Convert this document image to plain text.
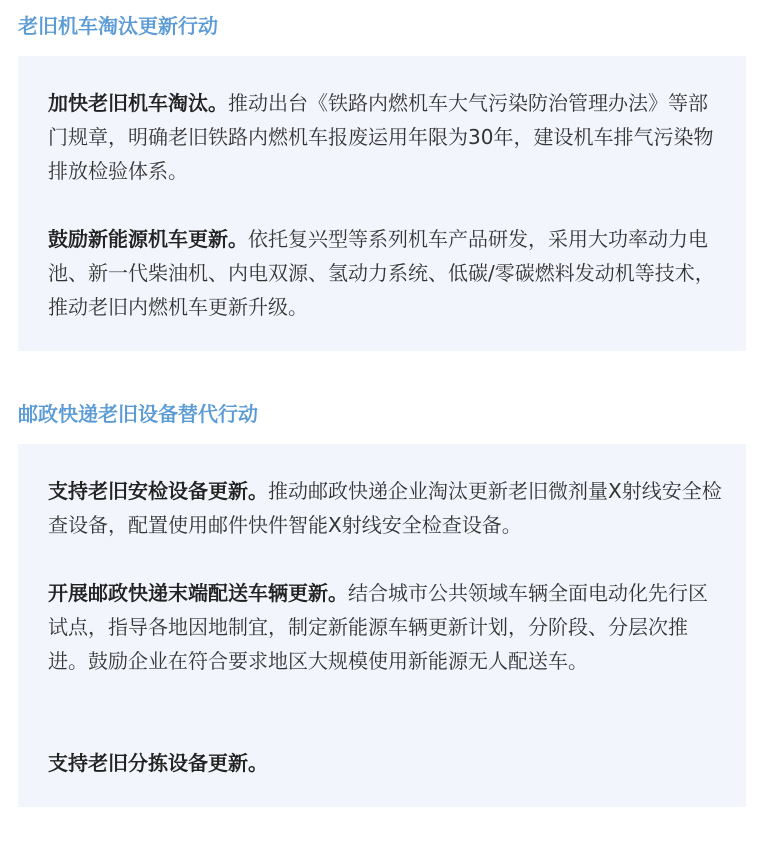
老旧机车淘汰更新行动

加快老旧机车淘汰。推动出台《铁路内燃机车大气污染防治管理办法》等部门规章，明确老旧铁路内燃机车报废运用年限为30年，建设机车排气污染物排放检验体系。

鼓励新能源机车更新。依托复兴型等系列机车产品研发，采用大功率动力电池、新一代柴油机、内电双源、氢动力系统、低碳/零碳燃料发动机等技术，推动老旧内燃机车更新升级。

邮政快递老旧设备替代行动

支持老旧安检设备更新。推动邮政快递企业淘汰更新老旧微剂量X射线安全检查设备，配置使用邮件快件智能X射线安全检查设备。

开展邮政快递末端配送车辆更新。结合城市公共领域车辆全面电动化先行区试点，指导各地因地制宜，制定新能源车辆更新计划，分阶段、分层次推进。鼓励企业在符合要求地区大规模使用新能源无人配送车。

支持老旧分拣设备更新。
